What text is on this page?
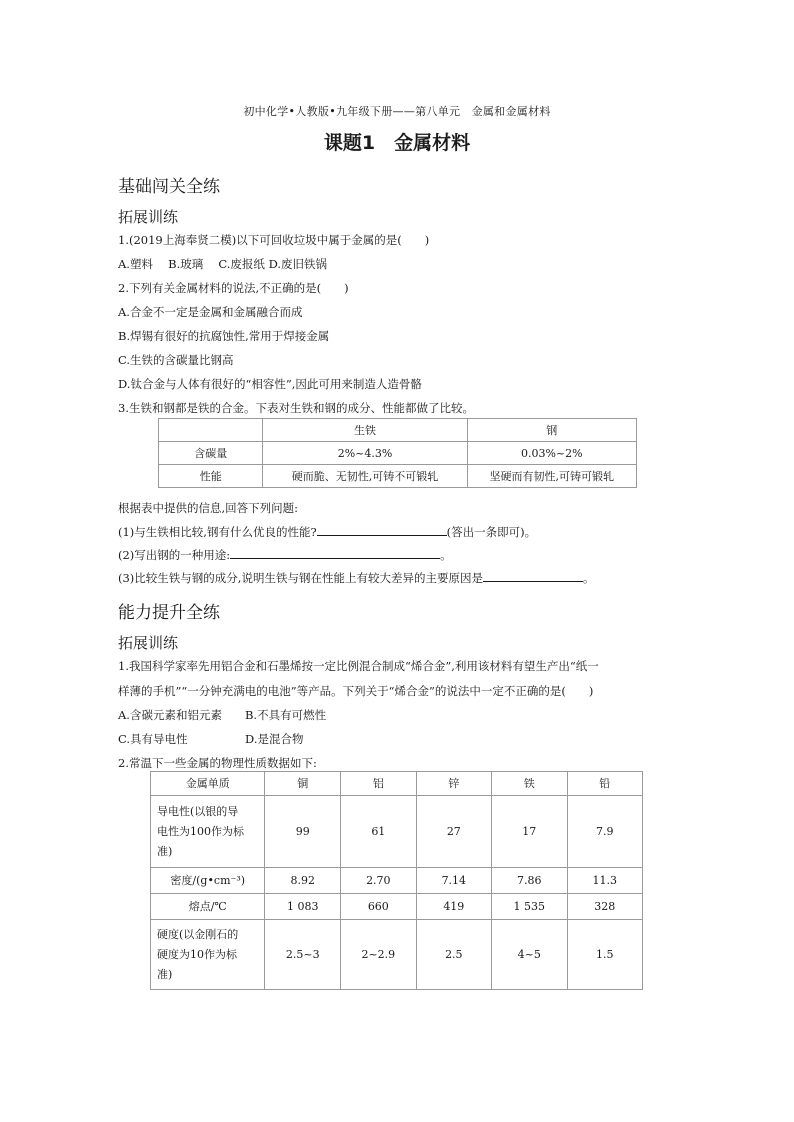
初中化学•人教版•九年级下册——第八单元　金属和金属材料
课题1　金属材料
基础闯关全练
拓展训练
1.(2019上海奉贤二模)以下可回收垃圾中属于金属的是(　　)
A.塑料　 B.玻璃　 C.废报纸 D.废旧铁锅
2.下列有关金属材料的说法,不正确的是(　　)
A.合金不一定是金属和金属融合而成
B.焊锡有很好的抗腐蚀性,常用于焊接金属
C.生铁的含碳量比钢高
D.钛合金与人体有很好的“相容性”,因此可用来制造人造骨骼
3.生铁和钢都是铁的合金。下表对生铁和钢的成分、性能都做了比较。
	生铁	钢
含碳量	2%~4.3%	0.03%~2%
性能	硬而脆、无韧性,可铸不可锻轧	坚硬而有韧性,可铸可锻轧
根据表中提供的信息,回答下列问题:
(1)与生铁相比较,钢有什么优良的性能?	(答出一条即可)。
(2)写出钢的一种用途:	。
(3)比较生铁与钢的成分,说明生铁与钢在性能上有较大差异的主要原因是	。
能力提升全练
拓展训练
1.我国科学家率先用铝合金和石墨烯按一定比例混合制成“烯合金”,利用该材料有望生产出“纸一
样薄的手机”“一分钟充满电的电池”等产品。下列关于“烯合金”的说法中一定不正确的是(　　)
A.含碳元素和铝元素　　B.不具有可燃性
C.具有导电性　　　　　D.是混合物
2.常温下一些金属的物理性质数据如下:
金属单质	铜	铝	锌	铁	铅

导电性(以银的导
电性为100作为标
准)	99	61	27	17	7.9
密度/(g•cm⁻³)	8.92	2.70	7.14	7.86	11.3
熔点/℃	1 083	660	419	1 535	328

硬度(以金刚石的
硬度为10作为标
准)	2.5~3	2~2.9	2.5	4~5	1.5
